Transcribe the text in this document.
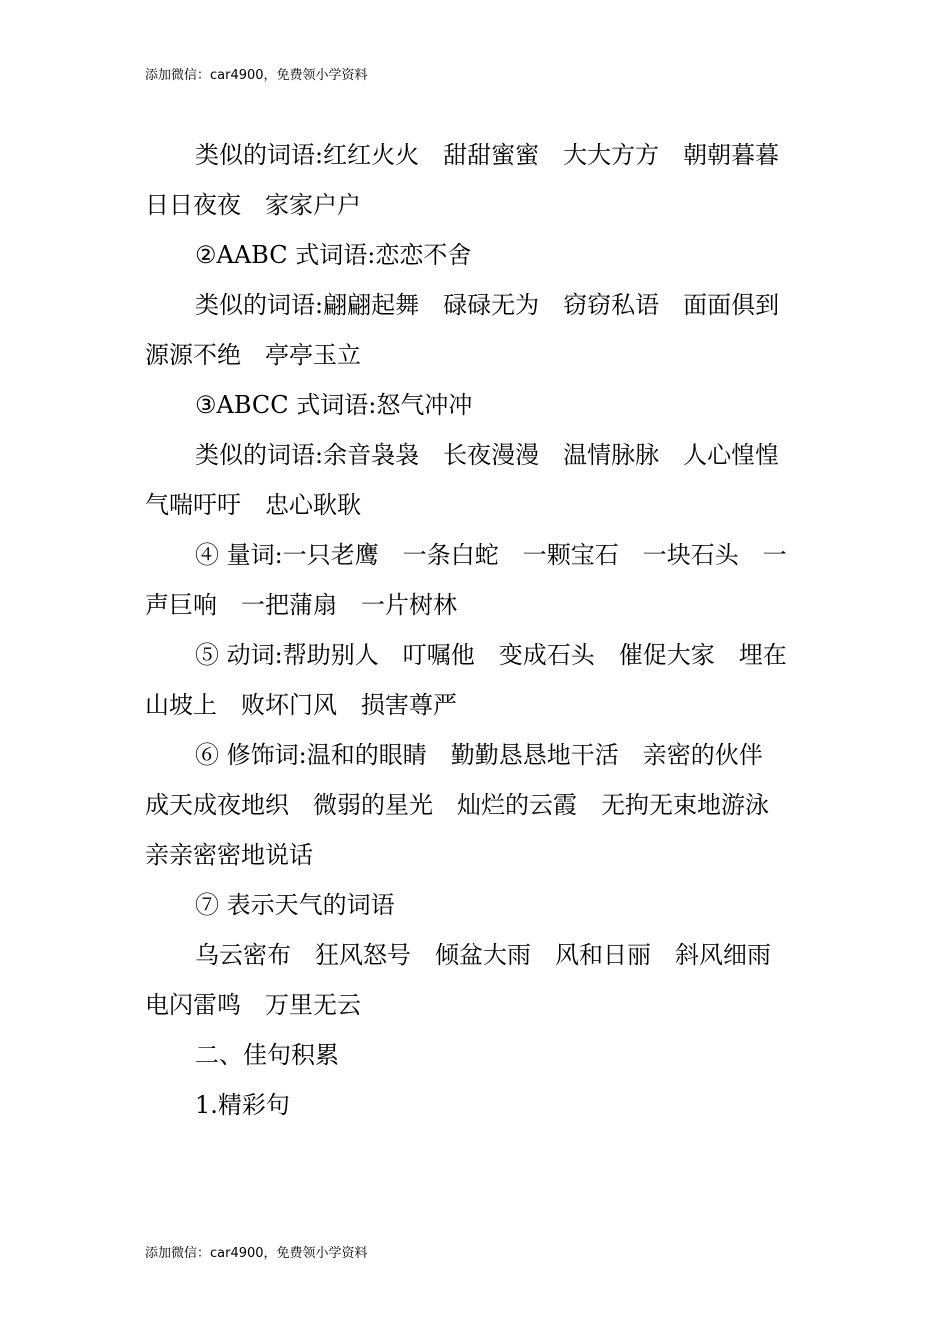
添加微信：car4900，免费领小学资料

类似的词语:红红火火　甜甜蜜蜜　大大方方　朝朝暮暮　日日夜夜　家家户户

②AABC 式词语:恋恋不舍

类似的词语:翩翩起舞　碌碌无为　窃窃私语　面面俱到　源源不绝　亭亭玉立

③ABCC 式词语:怒气冲冲

类似的词语:余音袅袅　长夜漫漫　温情脉脉　人心惶惶　气喘吁吁　忠心耿耿

④ 量词:一只老鹰　一条白蛇　一颗宝石　一块石头　一声巨响　一把蒲扇　一片树林

⑤ 动词:帮助别人　叮嘱他　变成石头　催促大家　埋在山坡上　败坏门风　损害尊严

⑥ 修饰词:温和的眼睛　勤勤恳恳地干活　亲密的伙伴　成天成夜地织　微弱的星光　灿烂的云霞　无拘无束地游泳　亲亲密密地说话

⑦ 表示天气的词语

乌云密布　狂风怒号　倾盆大雨　风和日丽　斜风细雨　 电闪雷鸣　万里无云

二、佳句积累

1.精彩句

添加微信：car4900，免费领小学资料
